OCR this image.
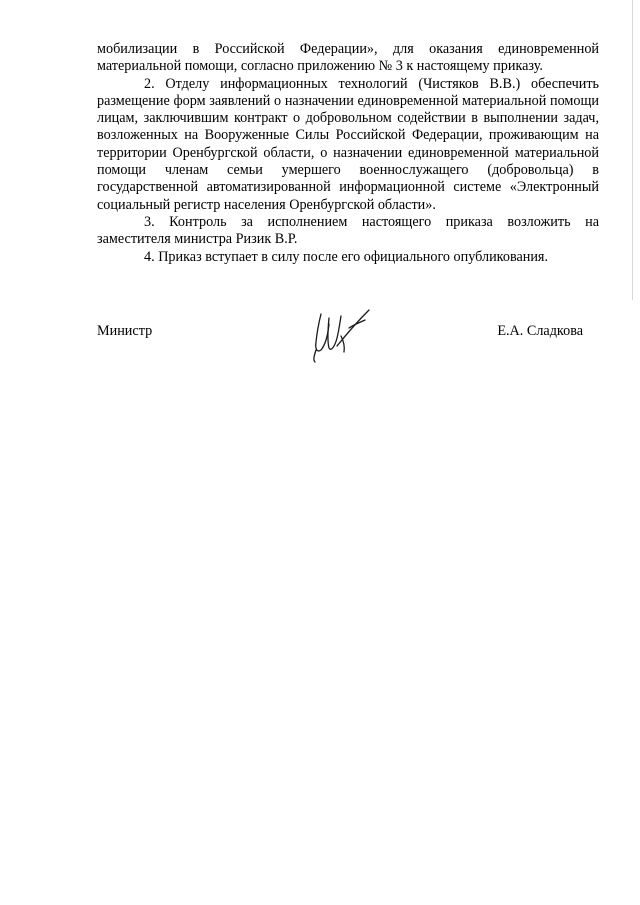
мобилизации в Российской Федерации», для оказания единовременной материальной помощи, согласно приложению № 3 к настоящему приказу.

2. Отделу информационных технологий (Чистяков В.В.) обеспечить размещение форм заявлений о назначении единовременной материальной помощи лицам, заключившим контракт о добровольном содействии в выполнении задач, возложенных на Вооруженные Силы Российской Федерации, проживающим на территории Оренбургской области, о назначении единовременной материальной помощи членам семьи умершего военнослужащего (добровольца) в государственной автоматизированной информационной системе «Электронный социальный регистр населения Оренбургской области».

3. Контроль за исполнением настоящего приказа возложить на заместителя министра Ризик В.Р.

4. Приказ вступает в силу после его официального опубликования.

Министр	Е.А. Сладкова
